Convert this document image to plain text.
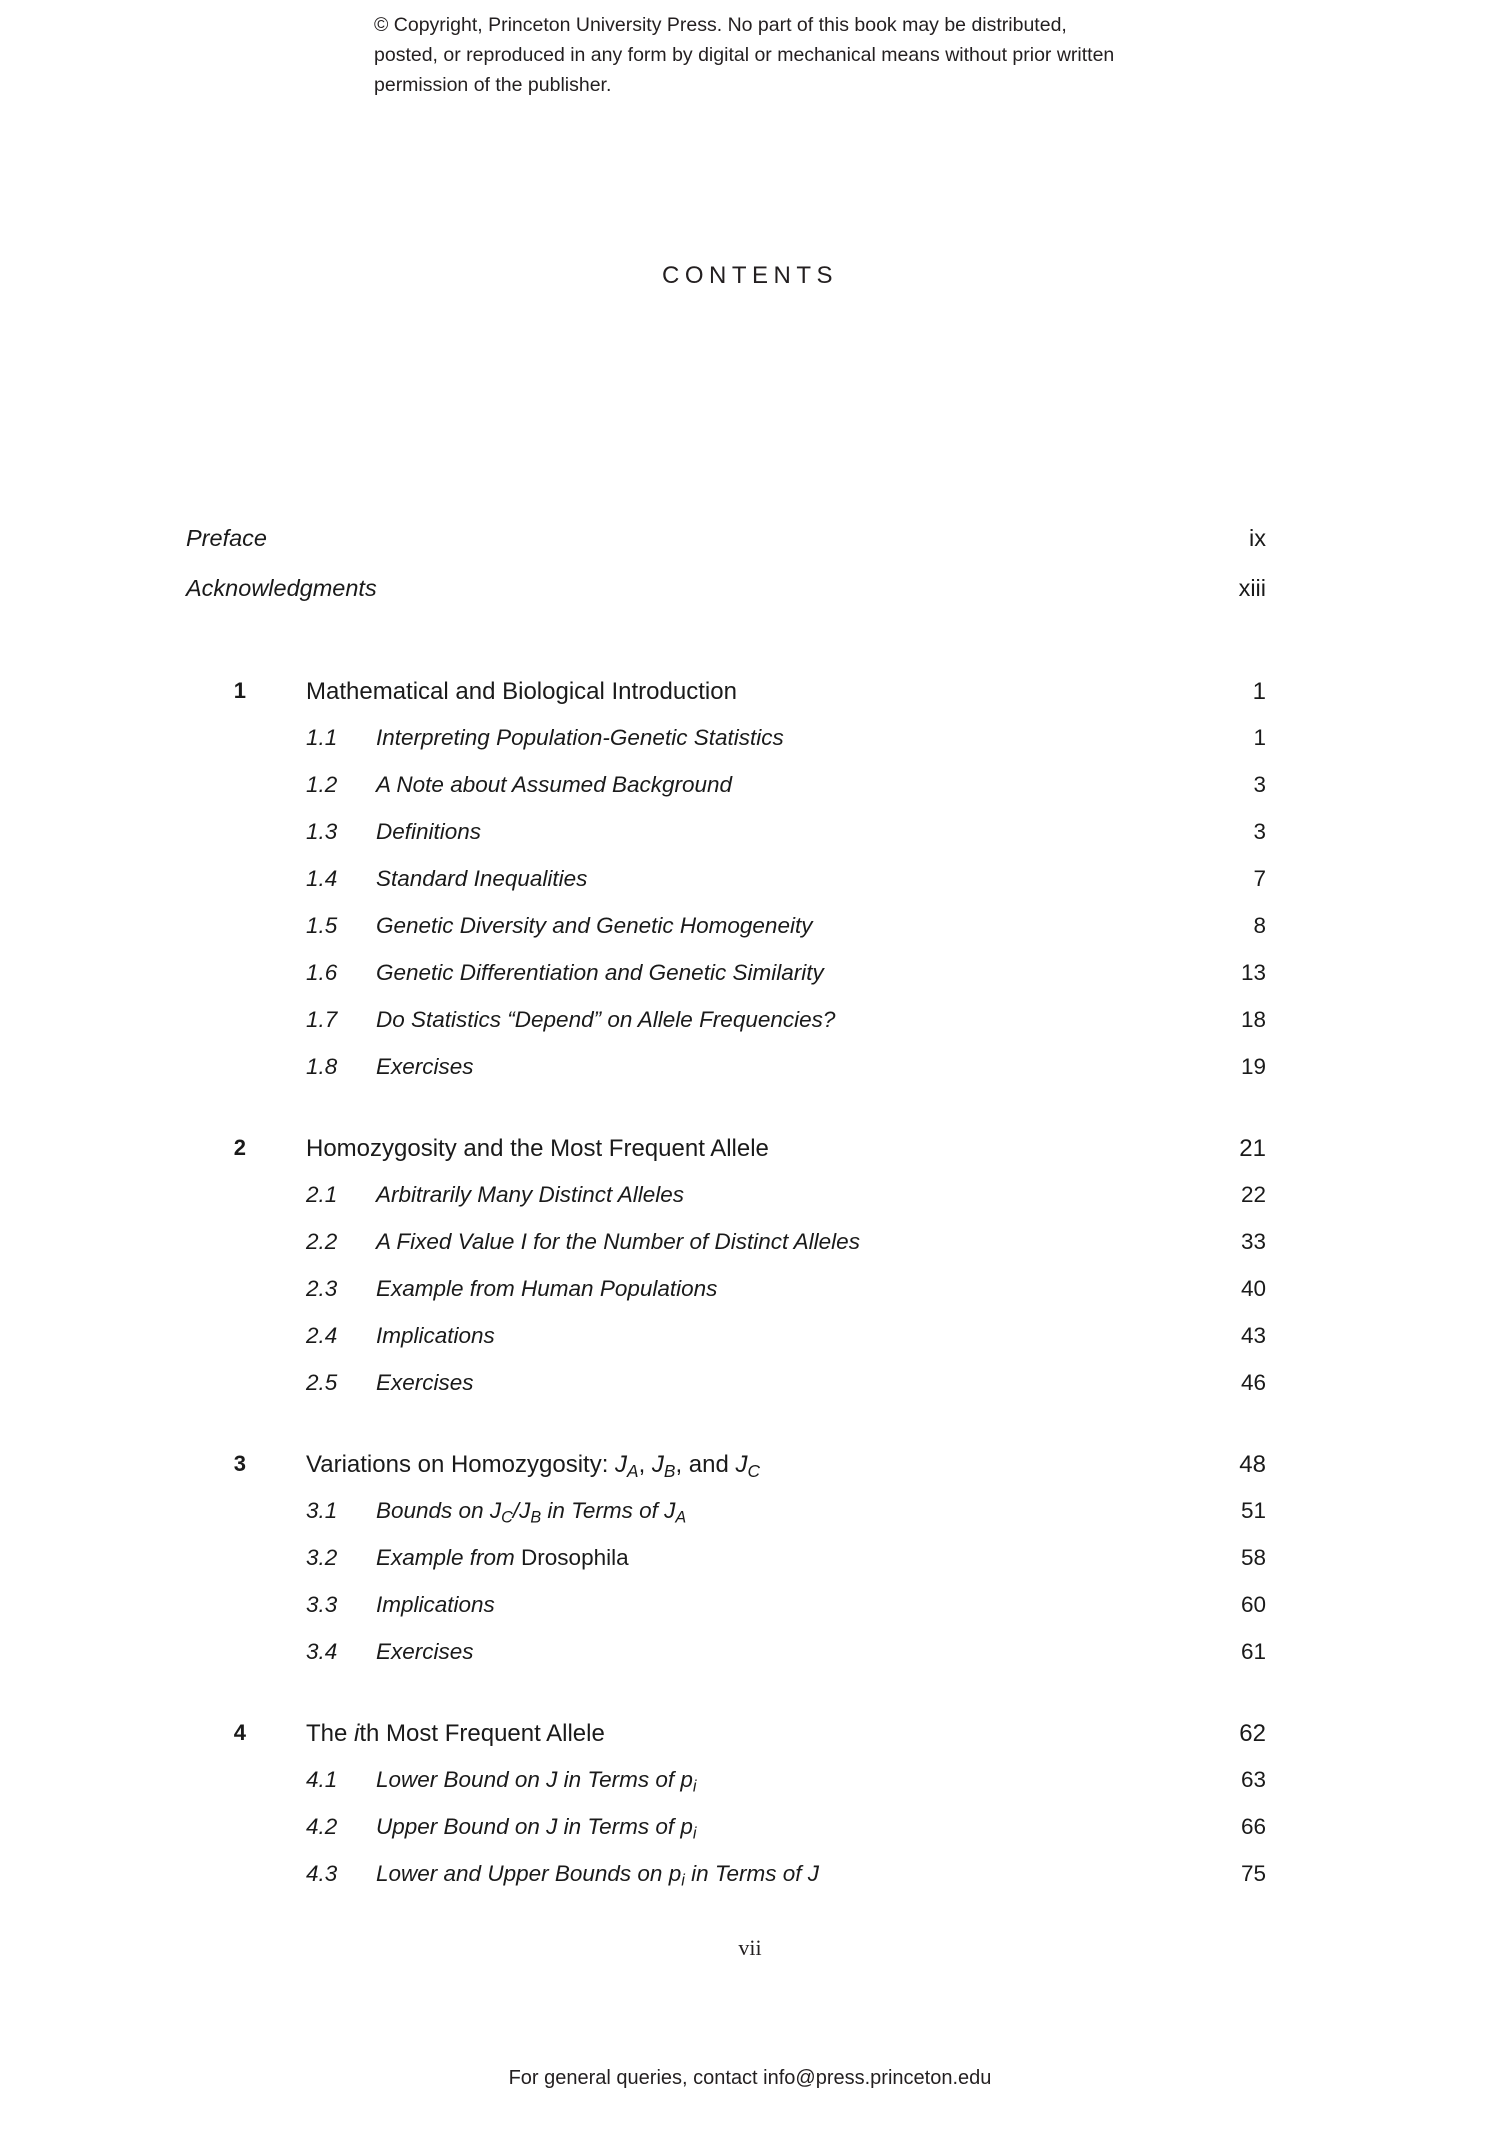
© Copyright, Princeton University Press. No part of this book may be distributed, posted, or reproduced in any form by digital or mechanical means without prior written permission of the publisher.
CONTENTS
Preface	ix
Acknowledgments	xiii
1	Mathematical and Biological Introduction	1
1.1	Interpreting Population-Genetic Statistics	1
1.2	A Note about Assumed Background	3
1.3	Definitions	3
1.4	Standard Inequalities	7
1.5	Genetic Diversity and Genetic Homogeneity	8
1.6	Genetic Differentiation and Genetic Similarity	13
1.7	Do Statistics “Depend” on Allele Frequencies?	18
1.8	Exercises	19
2	Homozygosity and the Most Frequent Allele	21
2.1	Arbitrarily Many Distinct Alleles	22
2.2	A Fixed Value I for the Number of Distinct Alleles	33
2.3	Example from Human Populations	40
2.4	Implications	43
2.5	Exercises	46
3	Variations on Homozygosity: $J_A$, $J_B$, and $J_C$	48
3.1	Bounds on $J_C/J_B$ in Terms of $J_A$	51
3.2	Example from Drosophila	58
3.3	Implications	60
3.4	Exercises	61
4	The ith Most Frequent Allele	62
4.1	Lower Bound on J in Terms of $p_i$	63
4.2	Upper Bound on J in Terms of $p_i$	66
4.3	Lower and Upper Bounds on $p_i$ in Terms of J	75
vii
For general queries, contact info@press.princeton.edu
